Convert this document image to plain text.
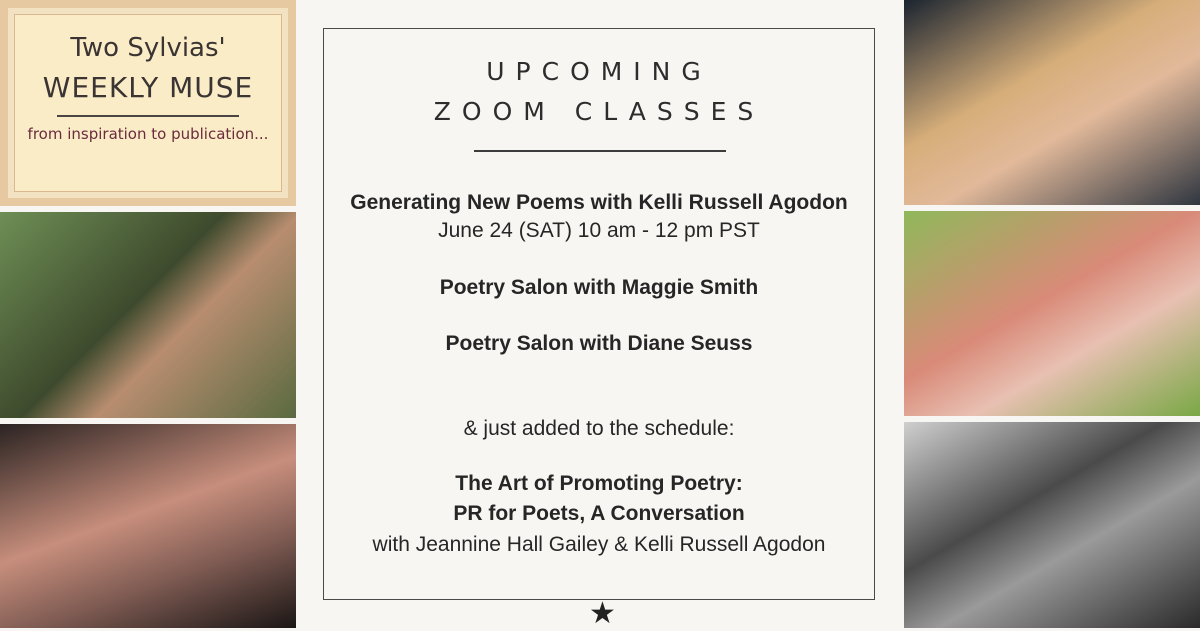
Two Sylvias'
WEEKLY MUSE
from inspiration to publication...
UPCOMING
ZOOM CLASSES
Generating New Poems with Kelli Russell Agodon
June 24 (SAT) 10 am - 12 pm PST
Poetry Salon with Maggie Smith
Poetry Salon with Diane Seuss
& just added to the schedule:
The Art of Promoting Poetry:
PR for Poets, A Conversation
with Jeannine Hall Gailey & Kelli Russell Agodon
★
